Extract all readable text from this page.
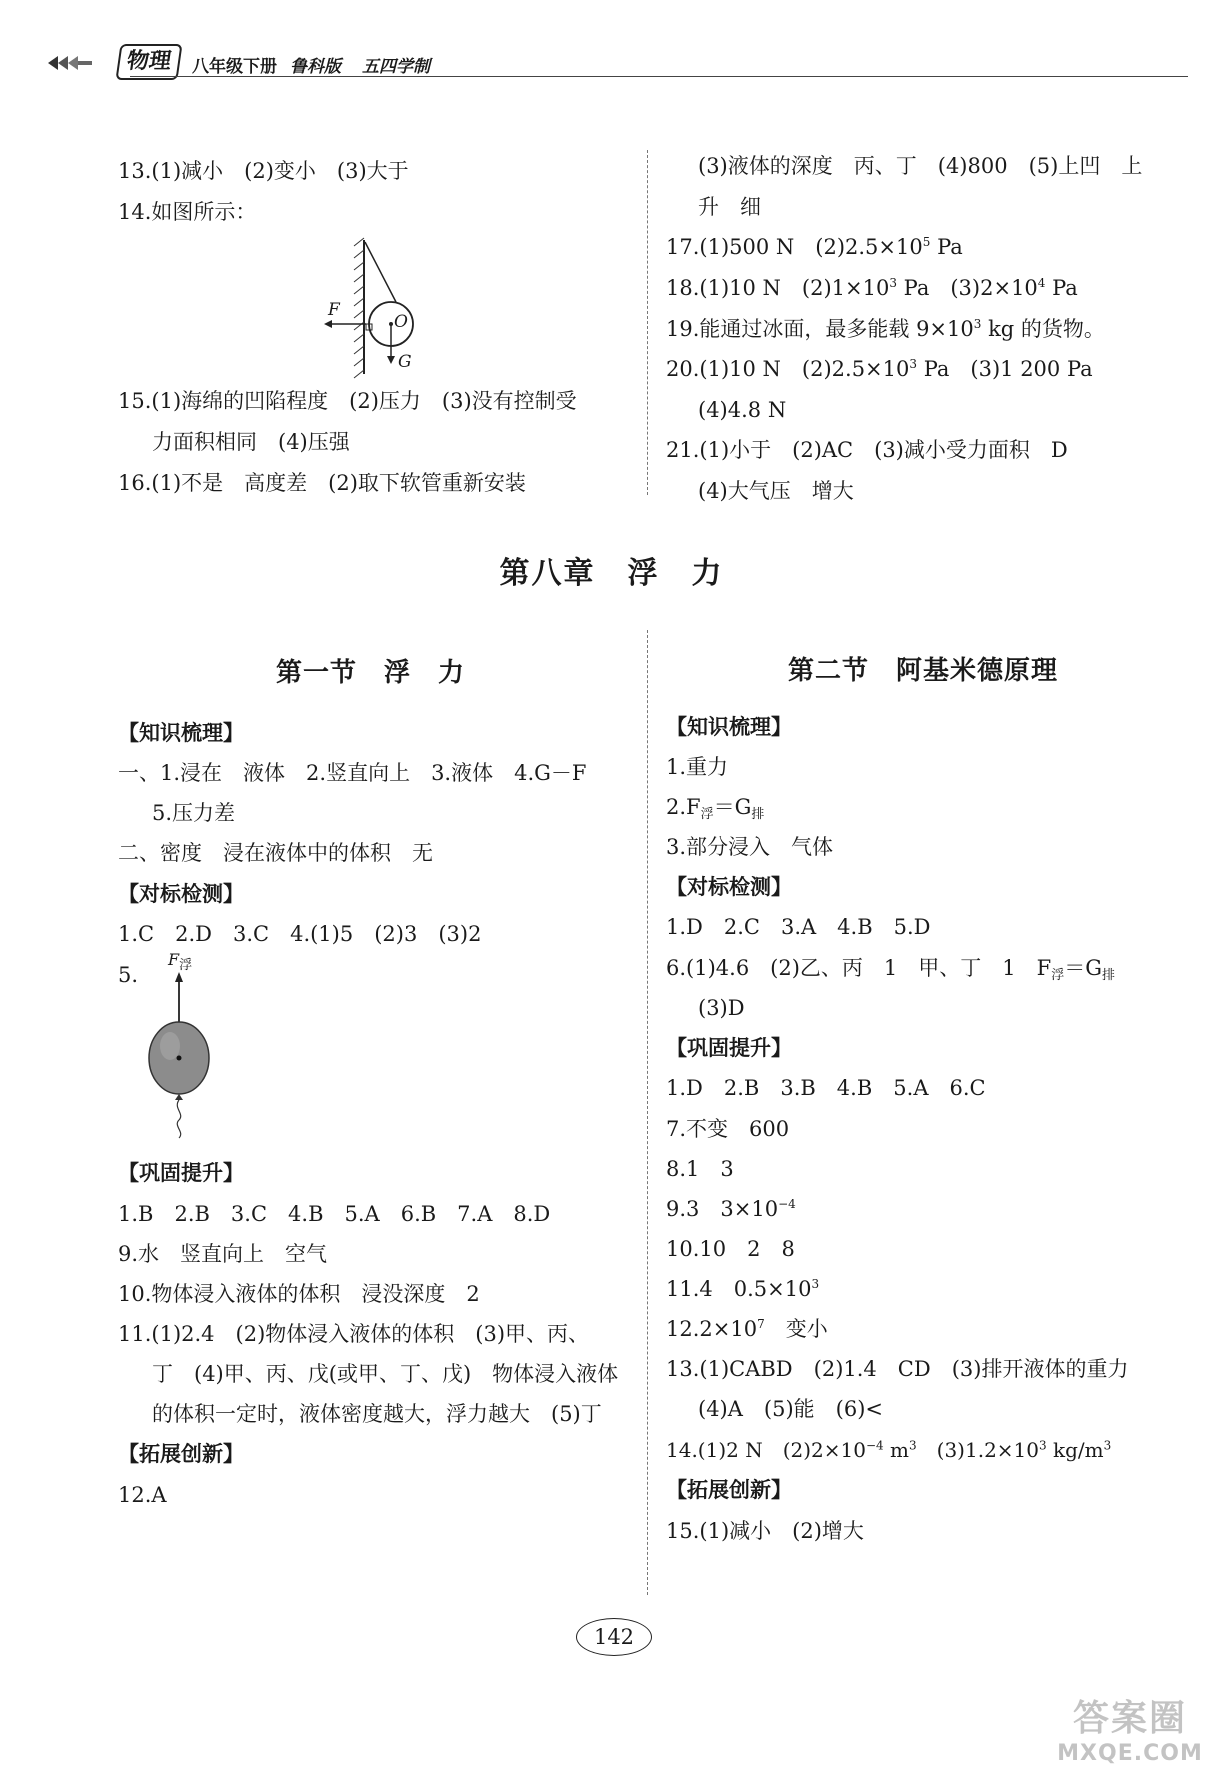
物理	八年级下册 鲁科版 五四学制
13.(1)减小　(2)变小　(3)大于
14.如图所示：
F
O
G
15.(1)海绵的凹陷程度　(2)压力　(3)没有控制受
力面积相同　(4)压强
16.(1)不是　高度差　(2)取下软管重新安装
(3)液体的深度　丙、丁　(4)800　(5)上凹　上
升　细
17.(1)500 N　$(2)2.5\times 10^5$ Pa
18.(1)10 N　$(2)1\times 10^3$ Pa　$(3)2\times 10^4$ Pa
19.能通过冰面，最多能载 $9\times 10^3$ kg 的货物。
20.(1)10 N　$(2)2.5\times 10^3$ Pa　(3)1 200 Pa
(4)4.8 N
21.(1)小于　(2)AC　(3)减小受力面积　D
(4)大气压　增大
第八章　浮　力
第一节　浮　力
【知识梳理】
一、1.浸在　液体　2.竖直向上　3.液体　4.G－F
5.压力差
二、密度　浸在液体中的体积　无
【对标检测】
1.C　2.D　3.C　4.(1)5　(2)3　(3)2
5.
$F_浮$
【巩固提升】
1.B　2.B　3.C　4.B　5.A　6.B　7.A　8.D
9.水　竖直向上　空气
10.物体浸入液体的体积　浸没深度　2
11.(1)2.4　(2)物体浸入液体的体积　(3)甲、丙、
丁　(4)甲、丙、戊(或甲、丁、戊)　物体浸入液体
的体积一定时，液体密度越大，浮力越大　(5)丁
【拓展创新】
12.A
第二节　阿基米德原理
【知识梳理】
1.重力
$2.F_浮=G_排$
3.部分浸入　气体
【对标检测】
1.D　2.C　3.A　4.B　5.D
6.(1)4.6　(2)乙、丙　1　甲、丁　1　$F_浮=G_排$
(3)D
【巩固提升】
1.D　2.B　3.B　4.B　5.A　6.C
7.不变　600
8.1　3
9.3　$3\times 10^{-4}$
10.10　2　8
11.4　$0.5\times 10^3$
$12.2\times 10^7$　变小
13.(1)CABD　(2)1.4　CD　(3)排开液体的重力
(4)A　(5)能　(6)<
14.(1)2 N　$(2)2\times 10^{-4}$ $m^3$　$(3)1.2\times 10^3$ $kg/m^3$
【拓展创新】
15.(1)减小　(2)增大
142
答案圈
MXQE.COM
